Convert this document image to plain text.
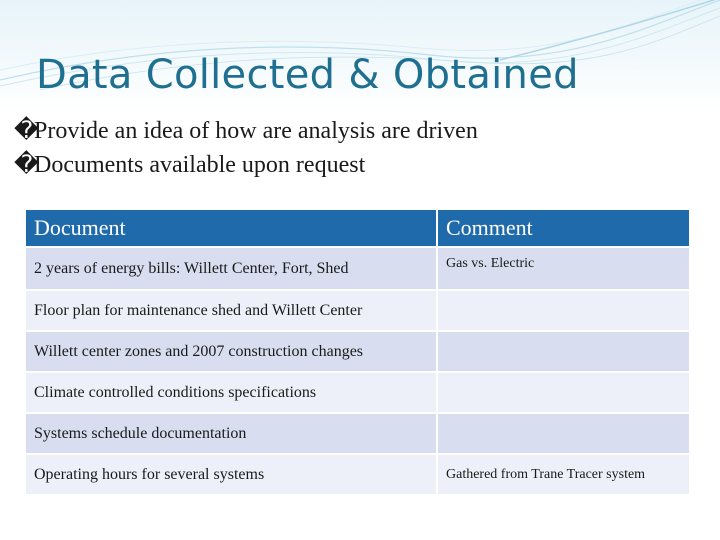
Data Collected & Obtained
�Provide an idea of how are analysis are driven
�Documents available upon request
Document	Comment
2 years of energy bills: Willett Center, Fort, Shed	Gas vs. Electric
Floor plan for maintenance shed and Willett Center	
Willett center zones and 2007 construction changes	
Climate controlled conditions specifications	
Systems schedule documentation	
Operating hours for several systems	Gathered from Trane Tracer system
